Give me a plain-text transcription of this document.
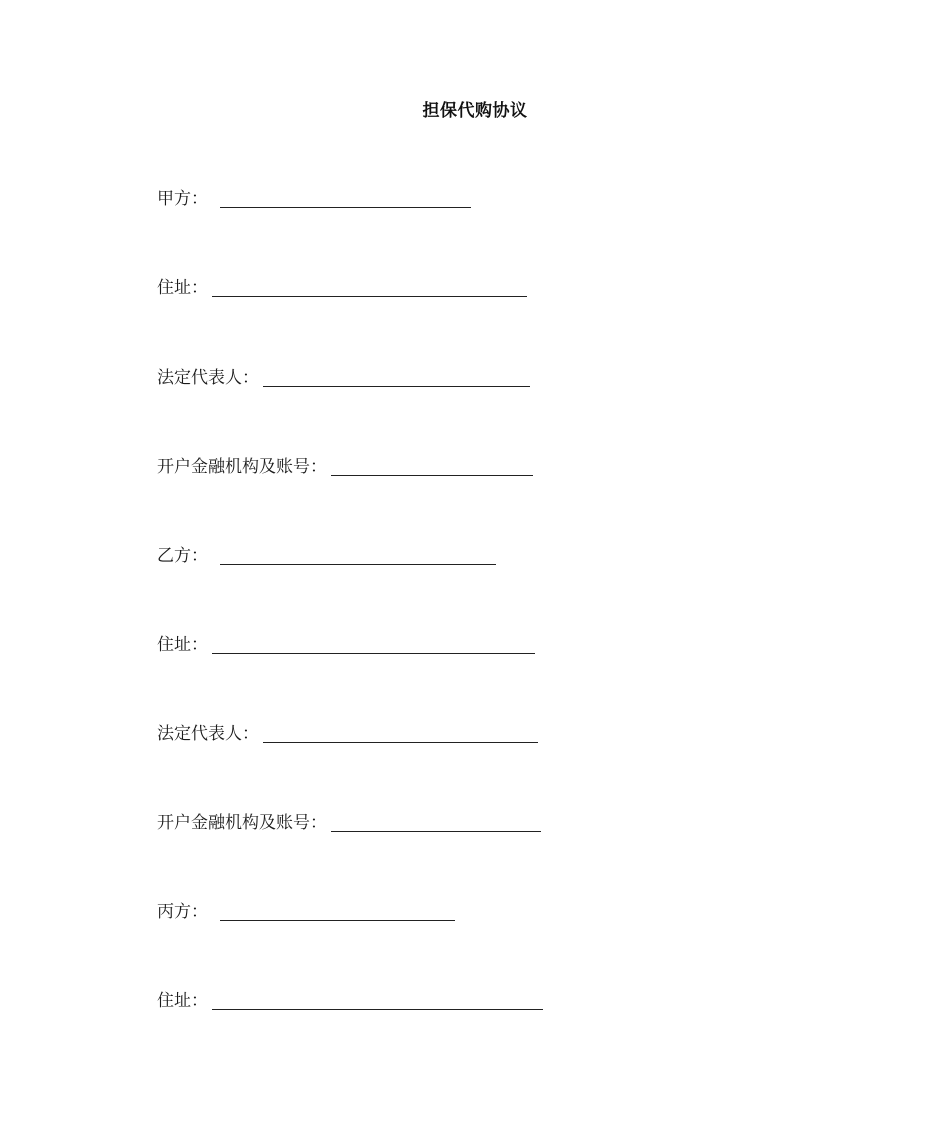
担保代购协议
甲方：
住址：
法定代表人：
开户金融机构及账号：
乙方：
住址：
法定代表人：
开户金融机构及账号：
丙方：
住址：
